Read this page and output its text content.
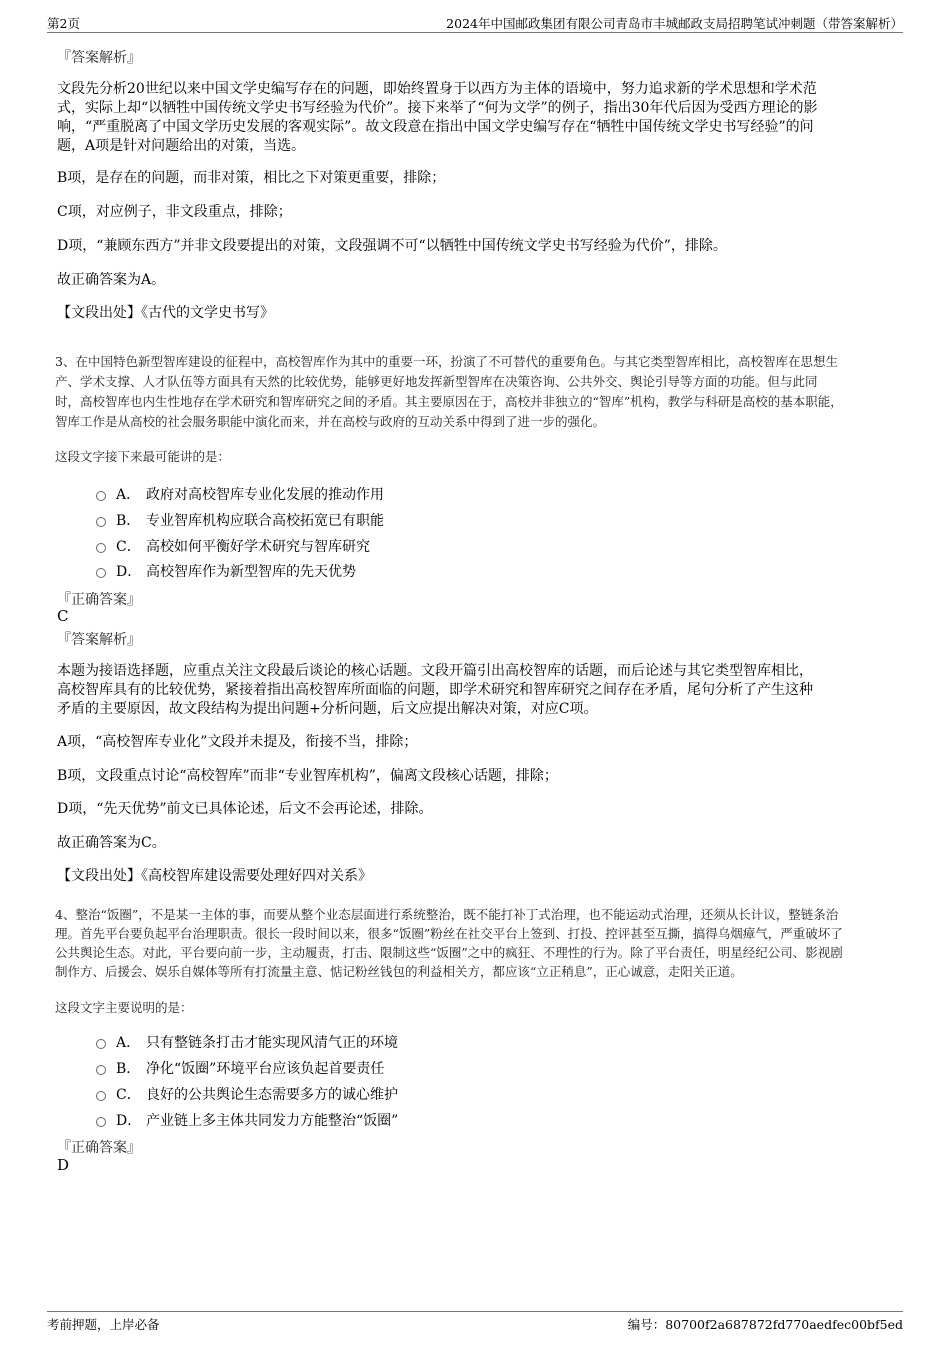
第2页	2024年中国邮政集团有限公司青岛市丰城邮政支局招聘笔试冲刺题（带答案解析）
『答案解析』
文段先分析20世纪以来中国文学史编写存在的问题，即始终置身于以西方为主体的语境中，努力追求新的学术思想和学术范
式，实际上却“以牺牲中国传统文学史书写经验为代价”。接下来举了“何为文学”的例子，指出30年代后因为受西方理论的影
响，“严重脱离了中国文学历史发展的客观实际”。故文段意在指出中国文学史编写存在“牺牲中国传统文学史书写经验”的问
题，A项是针对问题给出的对策，当选。
B项，是存在的问题，而非对策，相比之下对策更重要，排除；
C项，对应例子，非文段重点，排除；
D项，“兼顾东西方”并非文段要提出的对策，文段强调不可“以牺牲中国传统文学史书写经验为代价”，排除。
故正确答案为A。
【文段出处】《古代的文学史书写》
3、在中国特色新型智库建设的征程中，高校智库作为其中的重要一环，扮演了不可替代的重要角色。与其它类型智库相比，高校智库在思想生
产、学术支撑、人才队伍等方面具有天然的比较优势，能够更好地发挥新型智库在决策咨询、公共外交、舆论引导等方面的功能。但与此同
时，高校智库也内生性地存在学术研究和智库研究之间的矛盾。其主要原因在于，高校并非独立的“智库”机构，教学与科研是高校的基本职能，
智库工作是从高校的社会服务职能中演化而来，并在高校与政府的互动关系中得到了进一步的强化。
这段文字接下来最可能讲的是：
A． 政府对高校智库专业化发展的推动作用
B． 专业智库机构应联合高校拓宽已有职能
C． 高校如何平衡好学术研究与智库研究
D． 高校智库作为新型智库的先天优势
『正确答案』
C
『答案解析』
本题为接语选择题，应重点关注文段最后谈论的核心话题。文段开篇引出高校智库的话题，而后论述与其它类型智库相比，
高校智库具有的比较优势，紧接着指出高校智库所面临的问题，即学术研究和智库研究之间存在矛盾，尾句分析了产生这种
矛盾的主要原因，故文段结构为提出问题+分析问题，后文应提出解决对策，对应C项。
A项，“高校智库专业化”文段并未提及，衔接不当，排除；
B项，文段重点讨论“高校智库”而非“专业智库机构”，偏离文段核心话题，排除；
D项，“先天优势”前文已具体论述，后文不会再论述，排除。
故正确答案为C。
【文段出处】《高校智库建设需要处理好四对关系》
4、整治“饭圈”，不是某一主体的事，而要从整个业态层面进行系统整治，既不能打补丁式治理，也不能运动式治理，还须从长计议，整链条治
理。首先平台要负起平台治理职责。很长一段时间以来，很多“饭圈”粉丝在社交平台上签到、打投、控评甚至互撕，搞得乌烟瘴气，严重破坏了
公共舆论生态。对此，平台要向前一步，主动履责，打击、限制这些“饭圈”之中的疯狂、不理性的行为。除了平台责任，明星经纪公司、影视剧
制作方、后援会、娱乐自媒体等所有打流量主意、惦记粉丝钱包的利益相关方，都应该“立正稍息”，正心诚意，走阳关正道。
这段文字主要说明的是：
A． 只有整链条打击才能实现风清气正的环境
B． 净化“饭圈”环境平台应该负起首要责任
C． 良好的公共舆论生态需要多方的诚心维护
D． 产业链上多主体共同发力方能整治“饭圈”
『正确答案』
D
考前押题，上岸必备	编号：80700f2a687872fd770aedfec00bf5ed
